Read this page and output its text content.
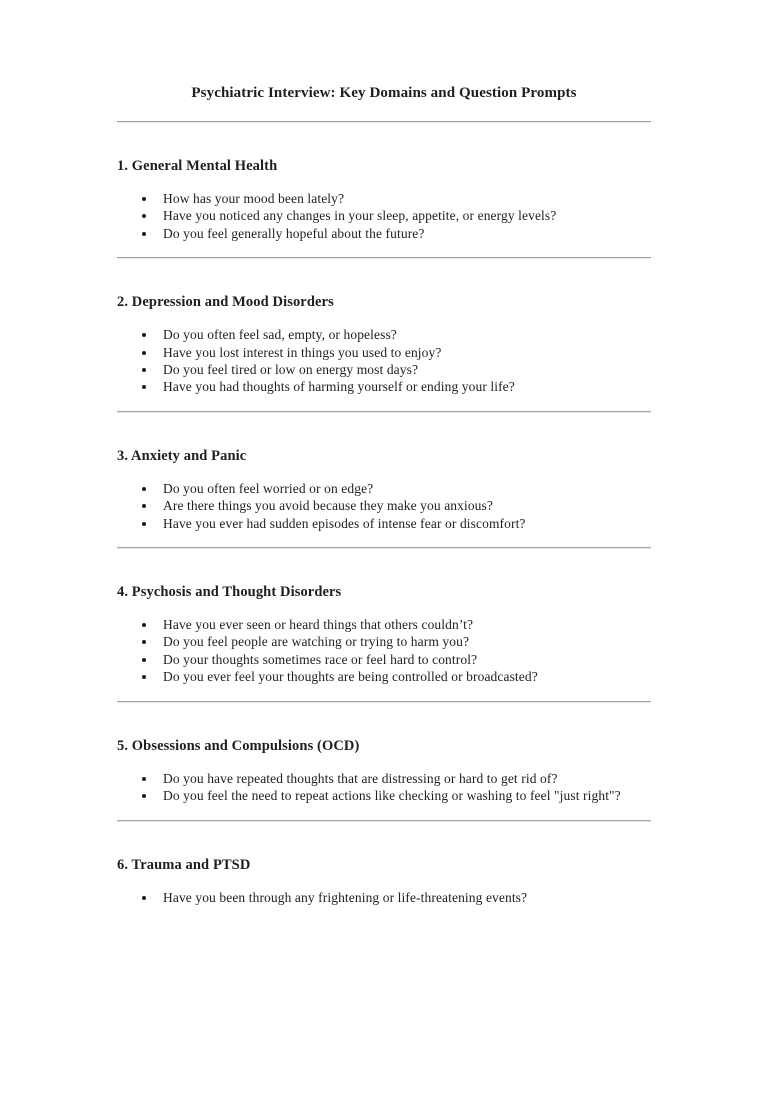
Psychiatric Interview: Key Domains and Question Prompts
1. General Mental Health
How has your mood been lately?
Have you noticed any changes in your sleep, appetite, or energy levels?
Do you feel generally hopeful about the future?
2. Depression and Mood Disorders
Do you often feel sad, empty, or hopeless?
Have you lost interest in things you used to enjoy?
Do you feel tired or low on energy most days?
Have you had thoughts of harming yourself or ending your life?
3. Anxiety and Panic
Do you often feel worried or on edge?
Are there things you avoid because they make you anxious?
Have you ever had sudden episodes of intense fear or discomfort?
4. Psychosis and Thought Disorders
Have you ever seen or heard things that others couldn’t?
Do you feel people are watching or trying to harm you?
Do your thoughts sometimes race or feel hard to control?
Do you ever feel your thoughts are being controlled or broadcasted?
5. Obsessions and Compulsions (OCD)
Do you have repeated thoughts that are distressing or hard to get rid of?
Do you feel the need to repeat actions like checking or washing to feel "just right"?
6. Trauma and PTSD
Have you been through any frightening or life-threatening events?
